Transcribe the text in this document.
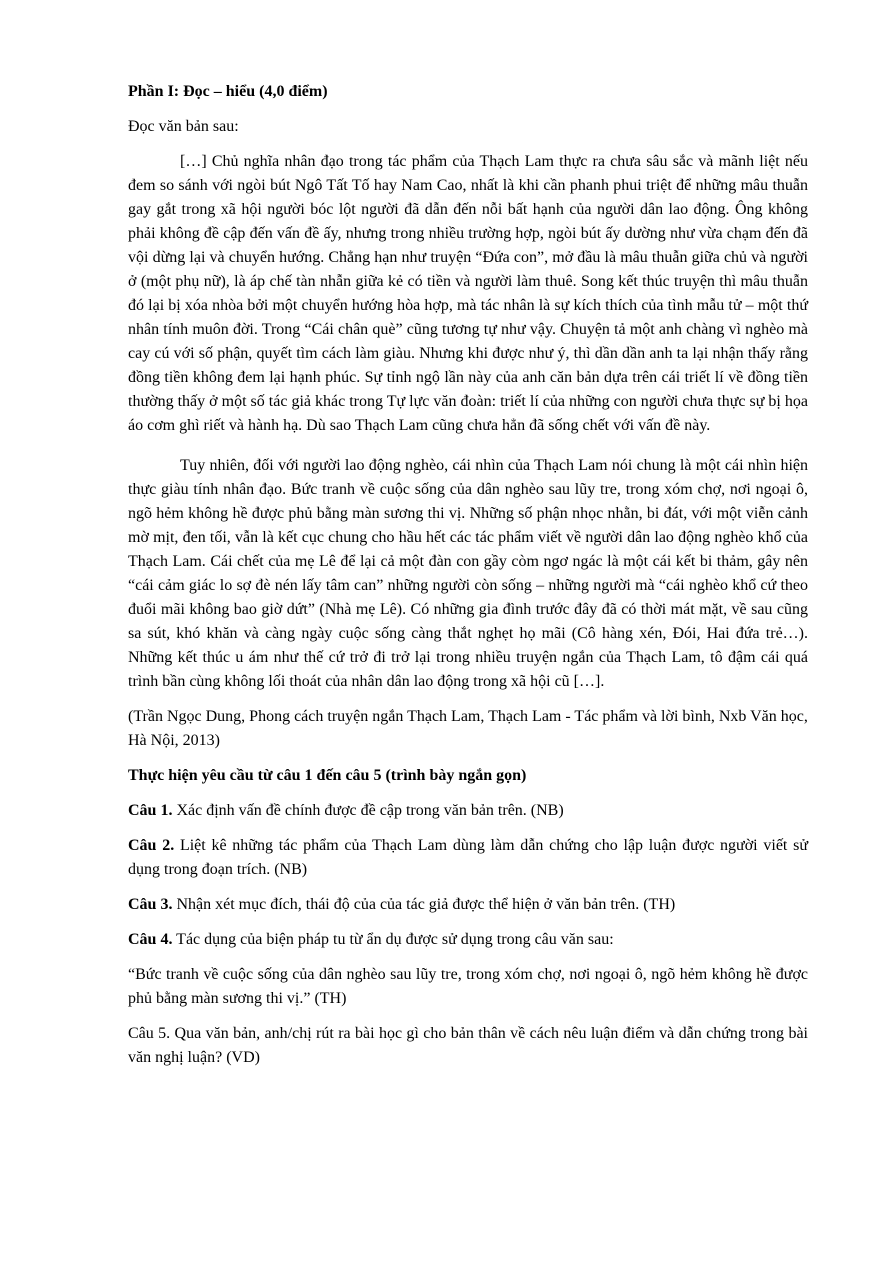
Phần I: Đọc – hiểu (4,0 điểm)

Đọc văn bản sau:

[…] Chủ nghĩa nhân đạo trong tác phẩm của Thạch Lam thực ra chưa sâu sắc và mãnh liệt nếu đem so sánh với ngòi bút Ngô Tất Tố hay Nam Cao, nhất là khi cần phanh phui triệt để những mâu thuẫn gay gắt trong xã hội người bóc lột người đã dẫn đến nỗi bất hạnh của người dân lao động. Ông không phải không đề cập đến vấn đề ấy, nhưng trong nhiều trường hợp, ngòi bút ấy dường như vừa chạm đến đã vội dừng lại và chuyển hướng. Chẳng hạn như truyện “Đứa con”, mở đầu là mâu thuẫn giữa chủ và người ở (một phụ nữ), là áp chế tàn nhẫn giữa kẻ có tiền và người làm thuê. Song kết thúc truyện thì mâu thuẫn đó lại bị xóa nhòa bởi một chuyển hướng hòa hợp, mà tác nhân là sự kích thích của tình mẫu tử – một thứ nhân tính muôn đời. Trong “Cái chân què” cũng tương tự như vậy. Chuyện tả một anh chàng vì nghèo mà cay cú với số phận, quyết tìm cách làm giàu. Nhưng khi được như ý, thì dần dần anh ta lại nhận thấy rằng đồng tiền không đem lại hạnh phúc. Sự tỉnh ngộ lần này của anh căn bản dựa trên cái triết lí về đồng tiền thường thấy ở một số tác giả khác trong Tự lực văn đoàn: triết lí của những con người chưa thực sự bị họa áo cơm ghì riết và hành hạ. Dù sao Thạch Lam cũng chưa hẳn đã sống chết với vấn đề này.

Tuy nhiên, đối với người lao động nghèo, cái nhìn của Thạch Lam nói chung là một cái nhìn hiện thực giàu tính nhân đạo. Bức tranh về cuộc sống của dân nghèo sau lũy tre, trong xóm chợ, nơi ngoại ô, ngõ hẻm không hề được phủ bằng màn sương thi vị. Những số phận nhọc nhằn, bi đát, với một viễn cảnh mờ mịt, đen tối, vẫn là kết cục chung cho hầu hết các tác phẩm viết về người dân lao động nghèo khổ của Thạch Lam. Cái chết của mẹ Lê để lại cả một đàn con gầy còm ngơ ngác là một cái kết bi thảm, gây nên “cái cảm giác lo sợ đè nén lấy tâm can” những người còn sống – những người mà “cái nghèo khổ cứ theo đuổi mãi không bao giờ dứt” (Nhà mẹ Lê). Có những gia đình trước đây đã có thời mát mặt, về sau cũng sa sút, khó khăn và càng ngày cuộc sống càng thắt nghẹt họ mãi (Cô hàng xén, Đói, Hai đứa trẻ…). Những kết thúc u ám như thế cứ trở đi trở lại trong nhiều truyện ngắn của Thạch Lam, tô đậm cái quá trình bần cùng không lối thoát của nhân dân lao động trong xã hội cũ […].

(Trần Ngọc Dung, Phong cách truyện ngắn Thạch Lam, Thạch Lam - Tác phẩm và lời bình, Nxb Văn học, Hà Nội, 2013)

Thực hiện yêu cầu từ câu 1 đến câu 5 (trình bày ngắn gọn)

Câu 1. Xác định vấn đề chính được đề cập trong văn bản trên. (NB)

Câu 2. Liệt kê những tác phẩm của Thạch Lam dùng làm dẫn chứng cho lập luận được người viết sử dụng trong đoạn trích. (NB)

Câu 3. Nhận xét mục đích, thái độ của của tác giả được thể hiện ở văn bản trên. (TH)

Câu 4. Tác dụng của biện pháp tu từ ẩn dụ được sử dụng trong câu văn sau:

“Bức tranh về cuộc sống của dân nghèo sau lũy tre, trong xóm chợ, nơi ngoại ô, ngõ hẻm không hề được phủ bằng màn sương thi vị.” (TH)

Câu 5. Qua văn bản, anh/chị rút ra bài học gì cho bản thân về cách nêu luận điểm và dẫn chứng trong bài văn nghị luận? (VD)
